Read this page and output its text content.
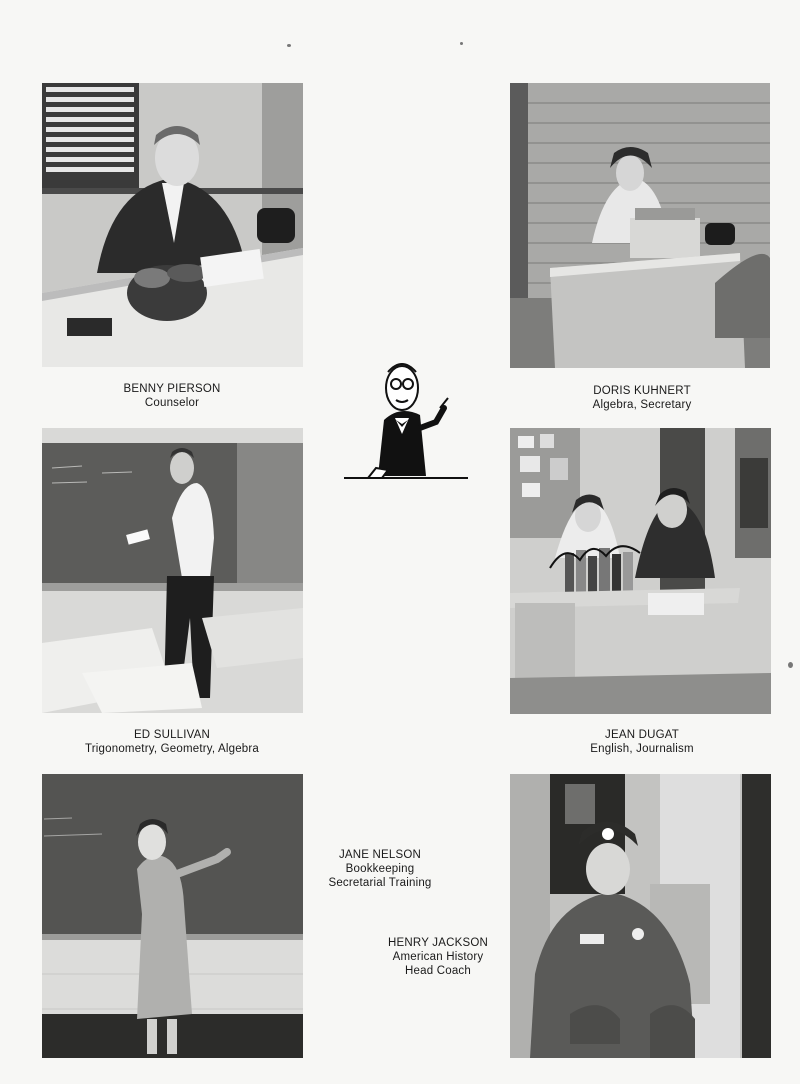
BENNY PIERSON
Counselor
DORIS KUHNERT
Algebra, Secretary
ED SULLIVAN
Trigonometry, Geometry, Algebra
JEAN DUGAT
English, Journalism
JANE NELSON
Bookkeeping
Secretarial Training
HENRY JACKSON
American History
Head Coach
